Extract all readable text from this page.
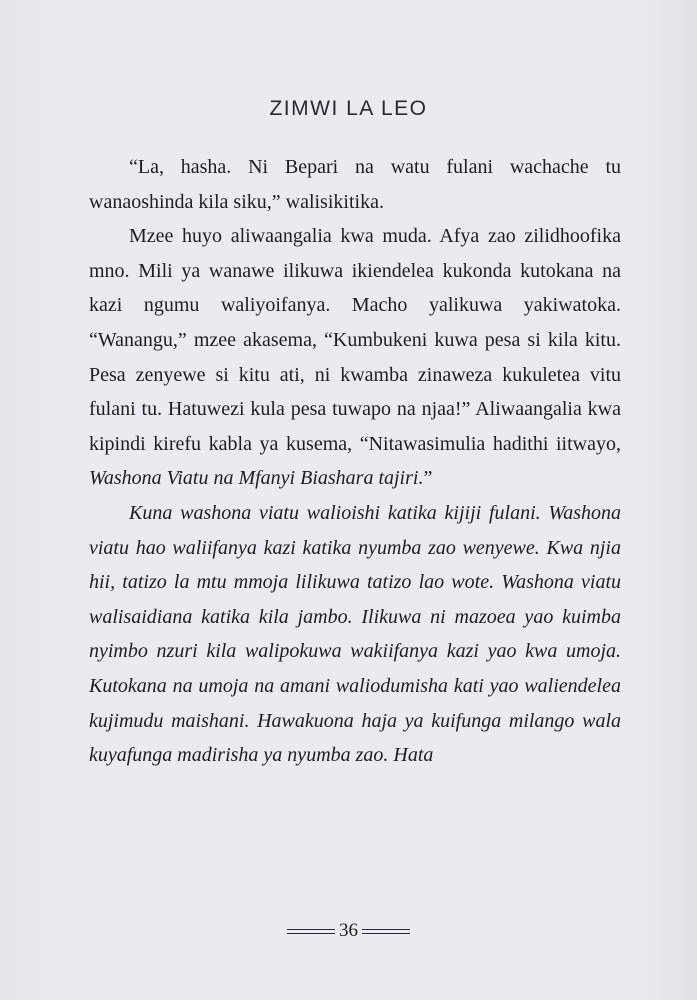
ZIMWI LA LEO

“La, hasha. Ni Bepari na watu fulani wachache tu wanaoshinda kila siku,” walisikitika.

Mzee huyo aliwaangalia kwa muda. Afya zao zilidhoofika mno. Mili ya wanawe ilikuwa ikiendelea kukonda kutokana na kazi ngumu waliyoifanya. Macho yalikuwa yakiwatoka. “Wanangu,” mzee akasema, “Kumbukeni kuwa pesa si kila kitu. Pesa zenyewe si kitu ati, ni kwamba zinaweza kukuletea vitu fulani tu. Hatuwezi kula pesa tuwapo na njaa!” Aliwaangalia kwa kipindi kirefu kabla ya kusema, “Nitawasimulia hadithi iitwayo, Washona Viatu na Mfanyi Biashara tajiri.”

Kuna washona viatu walioishi katika kijiji fulani. Washona viatu hao waliifanya kazi katika nyumba zao wenyewe. Kwa njia hii, tatizo la mtu mmoja lilikuwa tatizo lao wote. Washona viatu walisaidiana katika kila jambo. Ilikuwa ni mazoea yao kuimba nyimbo nzuri kila walipokuwa wakiifanya kazi yao kwa umoja. Kutokana na umoja na amani waliodumisha kati yao waliendelea kujimudu maishani. Hawakuona haja ya kuifunga milango wala kuyafunga madirisha ya nyumba zao. Hata

36
